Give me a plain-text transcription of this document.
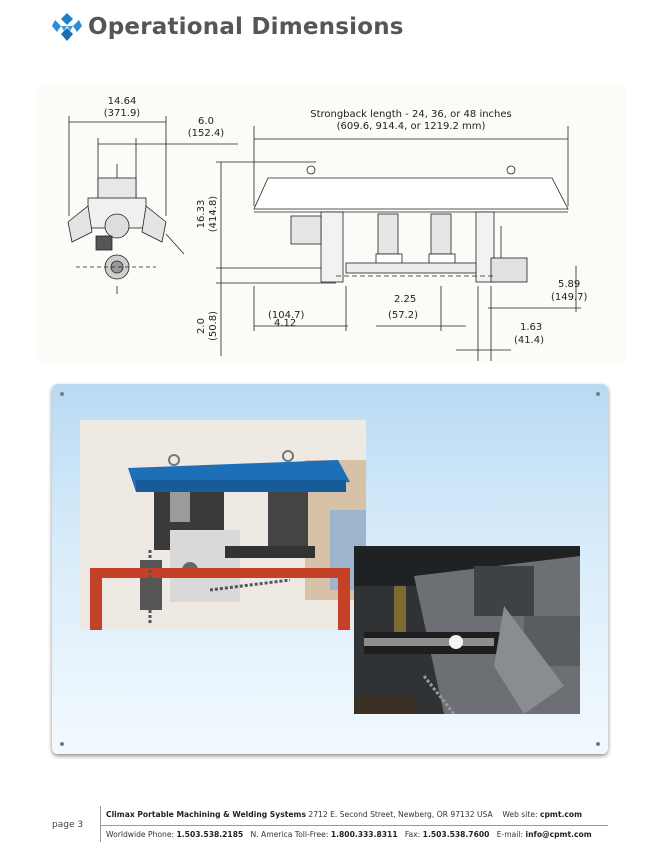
Operational Dimensions
14.64
(371.9)
6.0
(152.4)
Strongback length - 24, 36, or 48 inches
(609.6, 914.4, or 1219.2 mm)
4.12
(104.7)
2.25
(57.2)
5.89
(149.7)
1.63
(41.4)
16.33 (414.8)
2.0 (50.8)
page 3
Climax Portable Machining & Welding Systems 2712 E. Second Street, Newberg, OR 97132 USA Web site: cpmt.com
Worldwide Phone: 1.503.538.2185 N. America Toll-Free: 1.800.333.8311 Fax: 1.503.538.7600 E-mail: info@cpmt.com
